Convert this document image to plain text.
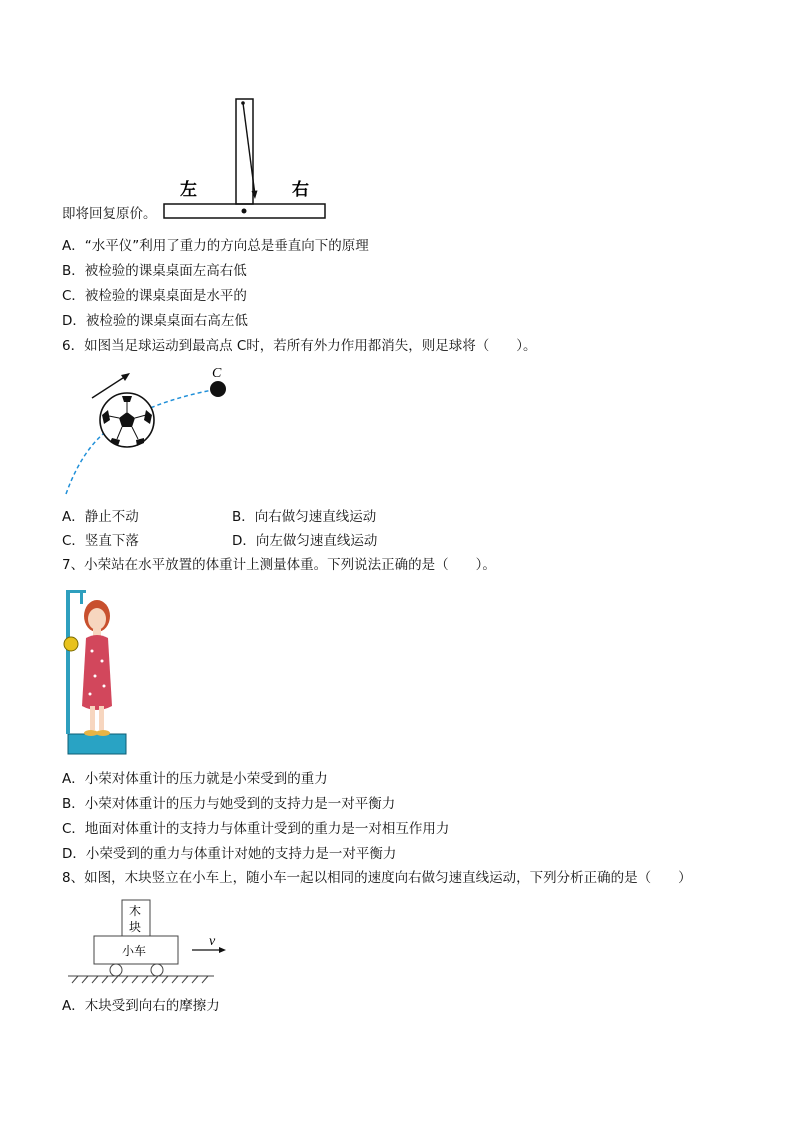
左	右
即将回复原价。
A．“水平仪”利用了重力的方向总是垂直向下的原理
B．被检验的课桌桌面左高右低
C．被检验的课桌桌面是水平的
D．被检验的课桌桌面右高左低
6．如图当足球运动到最高点 C时，若所有外力作用都消失，则足球将（　　）。
C
A．静止不动	B．向右做匀速直线运动
C．竖直下落	D．向左做匀速直线运动
7、小荣站在水平放置的体重计上测量体重。下列说法正确的是（　　）。
A．小荣对体重计的压力就是小荣受到的重力
B．小荣对体重计的压力与她受到的支持力是一对平衡力
C．地面对体重计的支持力与体重计受到的重力是一对相互作用力
D．小荣受到的重力与体重计对她的支持力是一对平衡力
8、如图，木块竖立在小车上，随小车一起以相同的速度向右做匀速直线运动，下列分析正确的是（　　）
木
块
小车
v
A．木块受到向右的摩擦力
